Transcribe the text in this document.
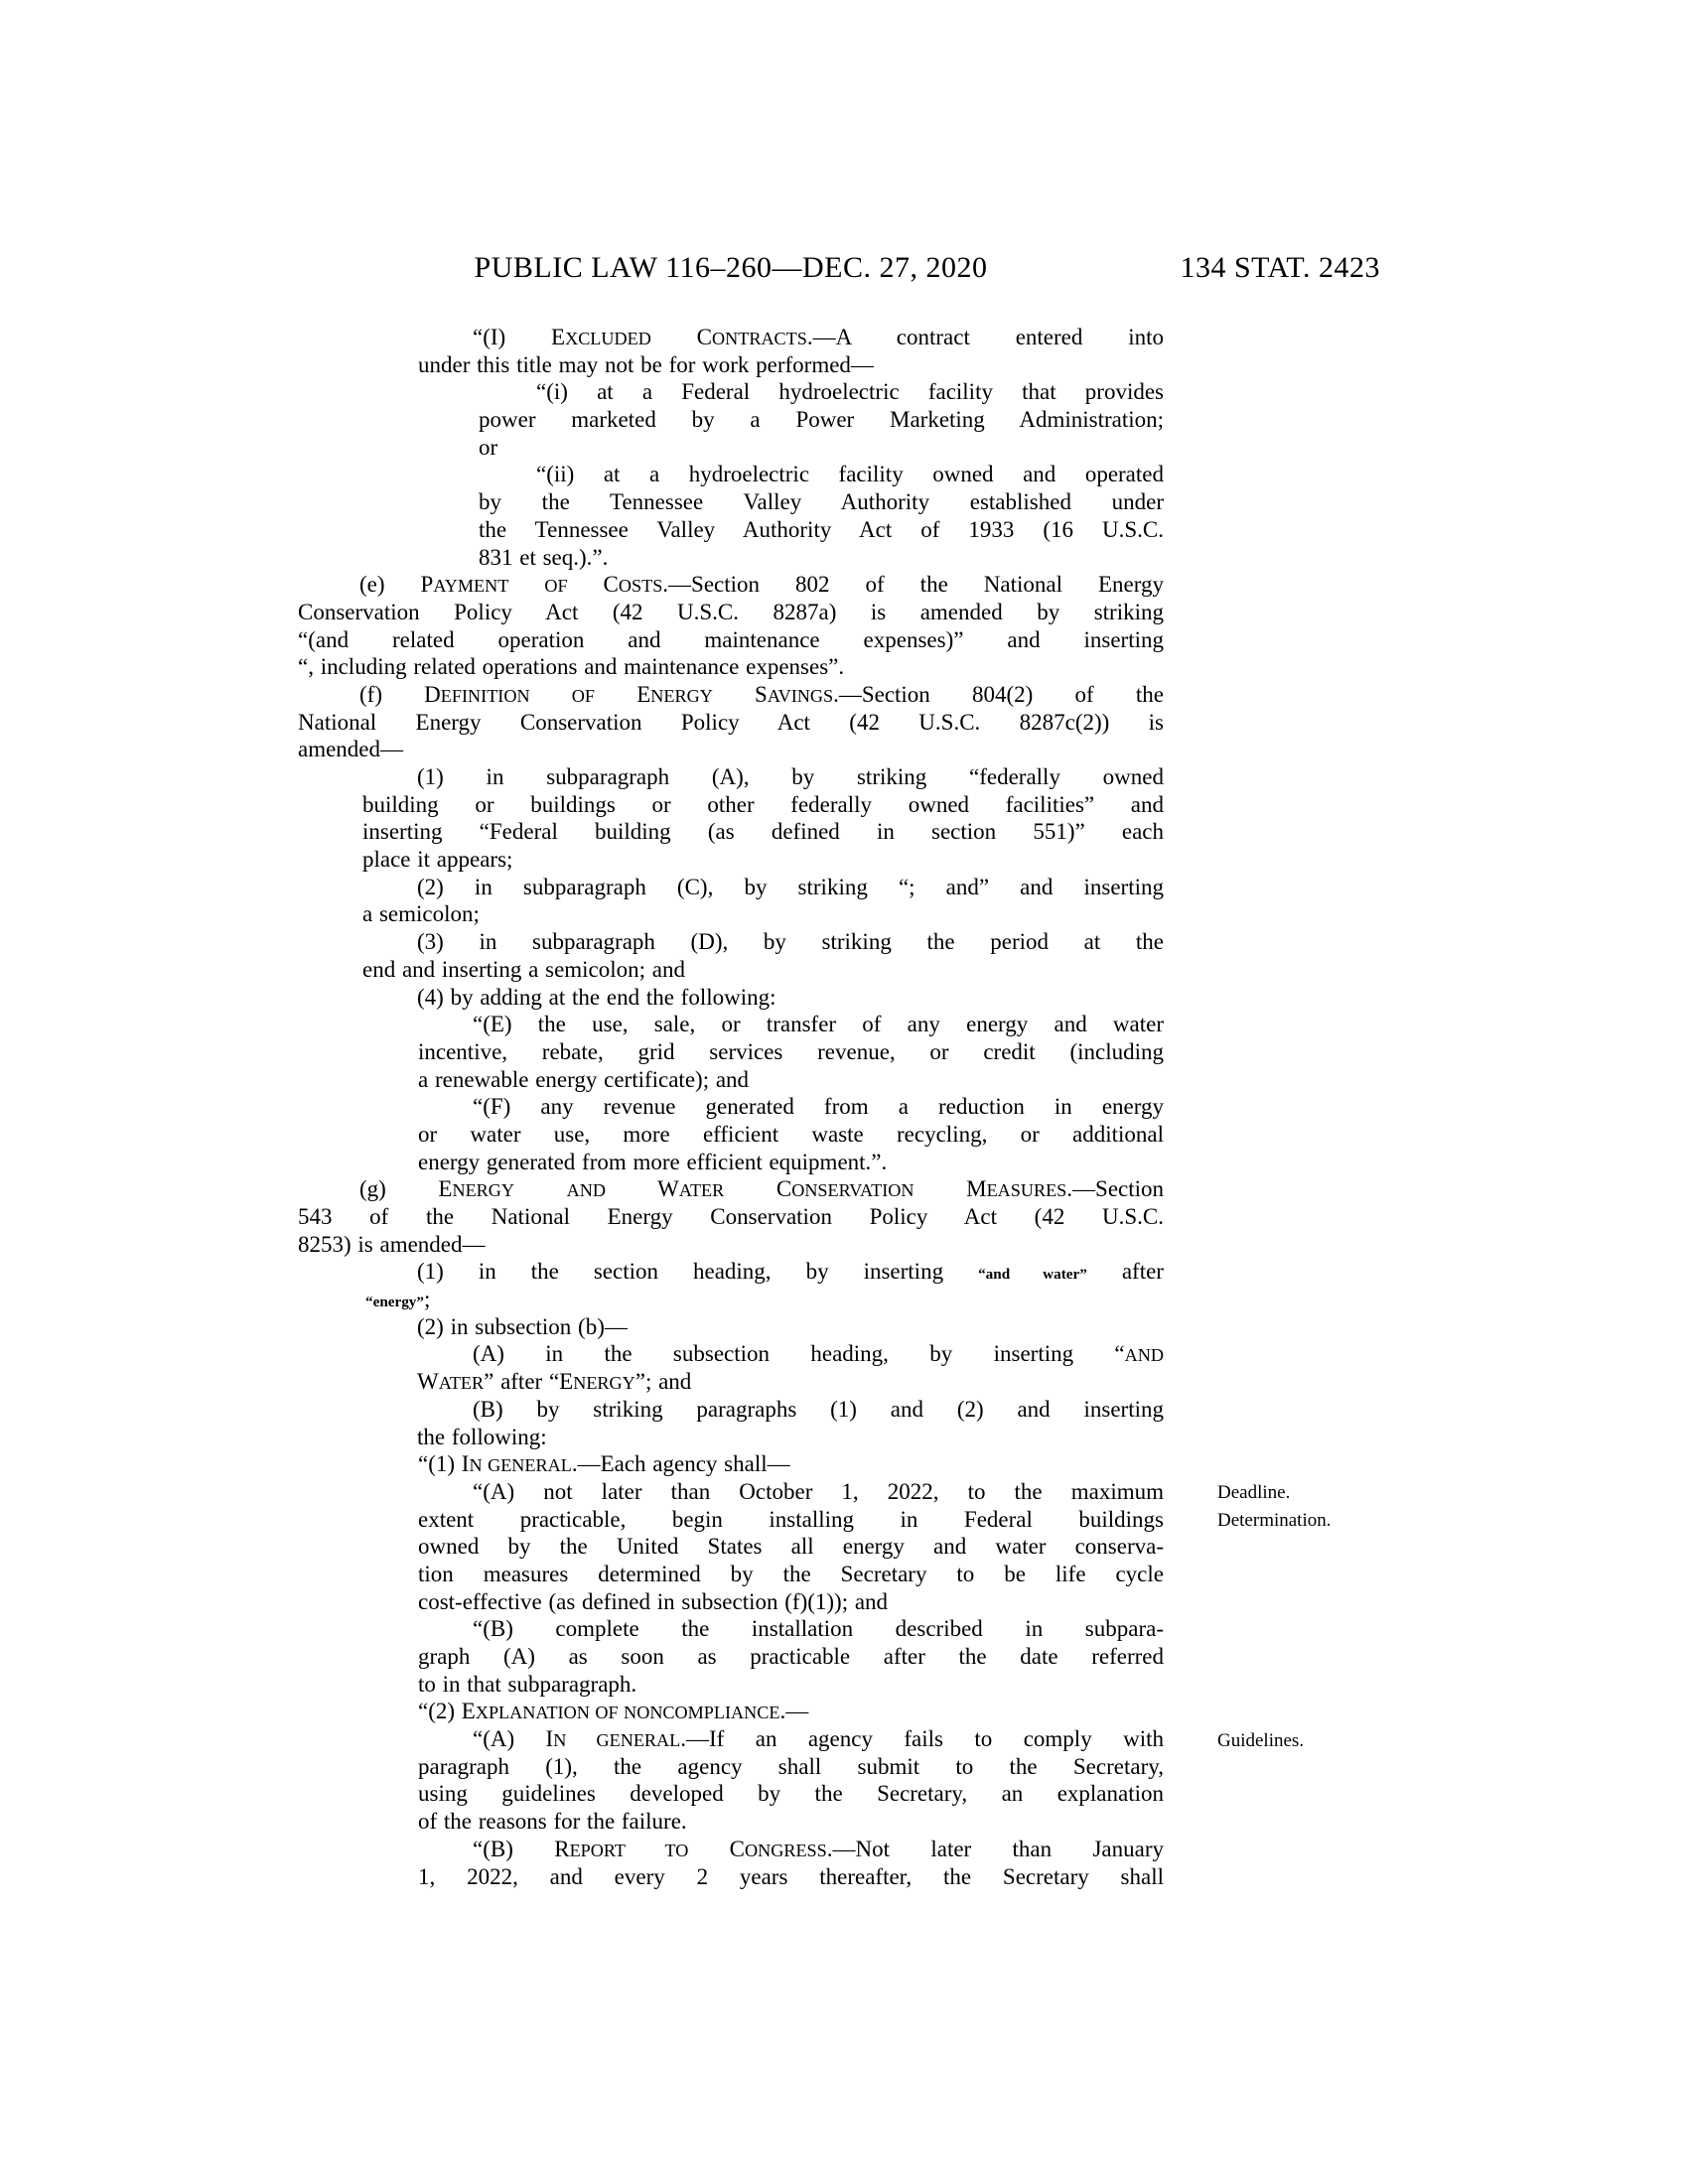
PUBLIC LAW 116–260—DEC. 27, 2020	134 STAT. 2423
“(I) EXCLUDED CONTRACTS.—A contract entered into
under this title may not be for work performed—
“(i) at a Federal hydroelectric facility that provides
power marketed by a Power Marketing Administration;
or
“(ii) at a hydroelectric facility owned and operated
by the Tennessee Valley Authority established under
the Tennessee Valley Authority Act of 1933 (16 U.S.C.
831 et seq.).”.
(e) PAYMENT OF COSTS.—Section 802 of the National Energy
Conservation Policy Act (42 U.S.C. 8287a) is amended by striking
“(and related operation and maintenance expenses)” and inserting
“, including related operations and maintenance expenses”.
(f) DEFINITION OF ENERGY SAVINGS.—Section 804(2) of the
National Energy Conservation Policy Act (42 U.S.C. 8287c(2)) is
amended—
(1) in subparagraph (A), by striking “federally owned
building or buildings or other federally owned facilities” and
inserting “Federal building (as defined in section 551)” each
place it appears;
(2) in subparagraph (C), by striking “; and” and inserting
a semicolon;
(3) in subparagraph (D), by striking the period at the
end and inserting a semicolon; and
(4) by adding at the end the following:
“(E) the use, sale, or transfer of any energy and water
incentive, rebate, grid services revenue, or credit (including
a renewable energy certificate); and
“(F) any revenue generated from a reduction in energy
or water use, more efficient waste recycling, or additional
energy generated from more efficient equipment.”.
(g) ENERGY	AND WATER CONSERVATION MEASURES.—Section
543 of the National Energy Conservation Policy Act (42 U.S.C.
8253) is amended—
(1) in the section heading, by inserting “and water” after
“energy”;
(2) in subsection (b)—
(A) in the subsection heading, by inserting “AND
WATER” after “ENERGY”; and
(B) by striking paragraphs (1) and (2) and inserting
the following:
“(1) IN GENERAL.—Each agency shall—
“(A) not later than October 1, 2022, to the maximum
extent practicable, begin installing in Federal buildings
owned by the United States all energy and water conserva-
tion measures determined by the Secretary to be life cycle
cost-effective (as defined in subsection (f)(1)); and
“(B) complete the installation described in subpara-
graph (A) as soon as practicable after the date referred
to in that subparagraph.
“(2) EXPLANATION OF NONCOMPLIANCE.—
“(A) IN GENERAL.—If an agency fails to comply with
paragraph (1), the agency shall submit to the Secretary,
using guidelines developed by the Secretary, an explanation
of the reasons for the failure.
“(B) REPORT TO CONGRESS.—Not later than January
1, 2022, and every 2 years thereafter, the Secretary shall
Deadline.
Determination.
Guidelines.
